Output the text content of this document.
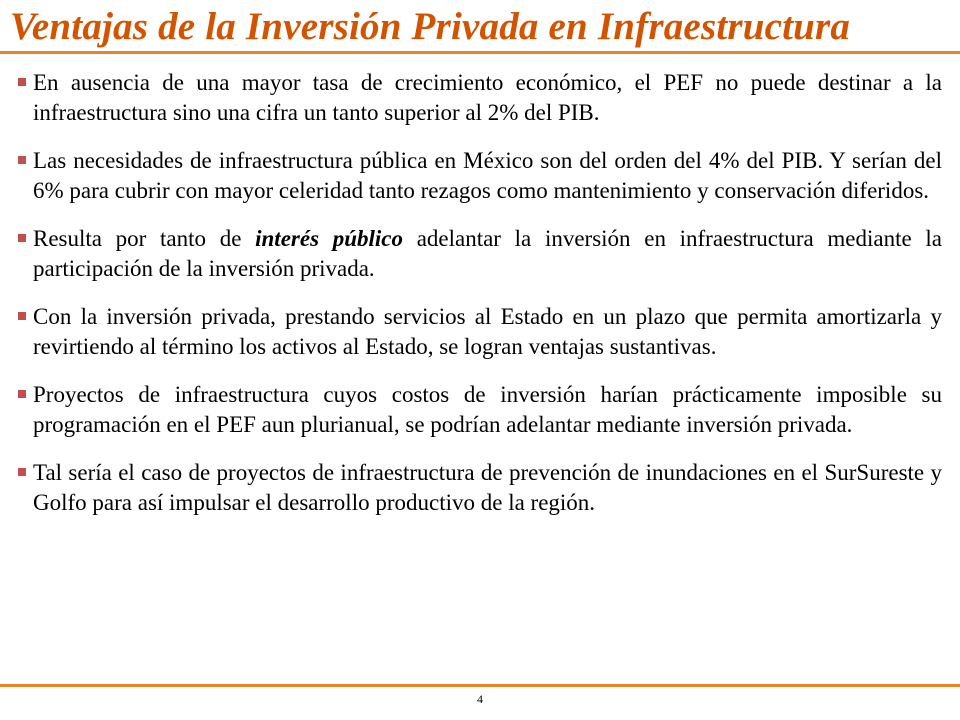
Ventajas de la Inversión Privada en Infraestructura
En ausencia de una mayor tasa de crecimiento económico, el PEF no puede destinar a la infraestructura sino una cifra un tanto superior al 2% del PIB.
Las necesidades de infraestructura pública en México son del orden del 4% del PIB. Y serían del 6% para cubrir con mayor celeridad tanto rezagos como mantenimiento y conservación diferidos.
Resulta por tanto de interés público adelantar la inversión en infraestructura mediante la participación de la inversión privada.
Con la inversión privada, prestando servicios al Estado en un plazo que permita amortizarla y revirtiendo al término los activos al Estado, se logran ventajas sustantivas.
Proyectos de infraestructura cuyos costos de inversión harían prácticamente imposible su programación en el PEF aun plurianual, se podrían adelantar mediante inversión privada.
Tal sería el caso de proyectos de infraestructura de prevención de inundaciones en el SurSureste y Golfo para así impulsar el desarrollo productivo de la región.
4
